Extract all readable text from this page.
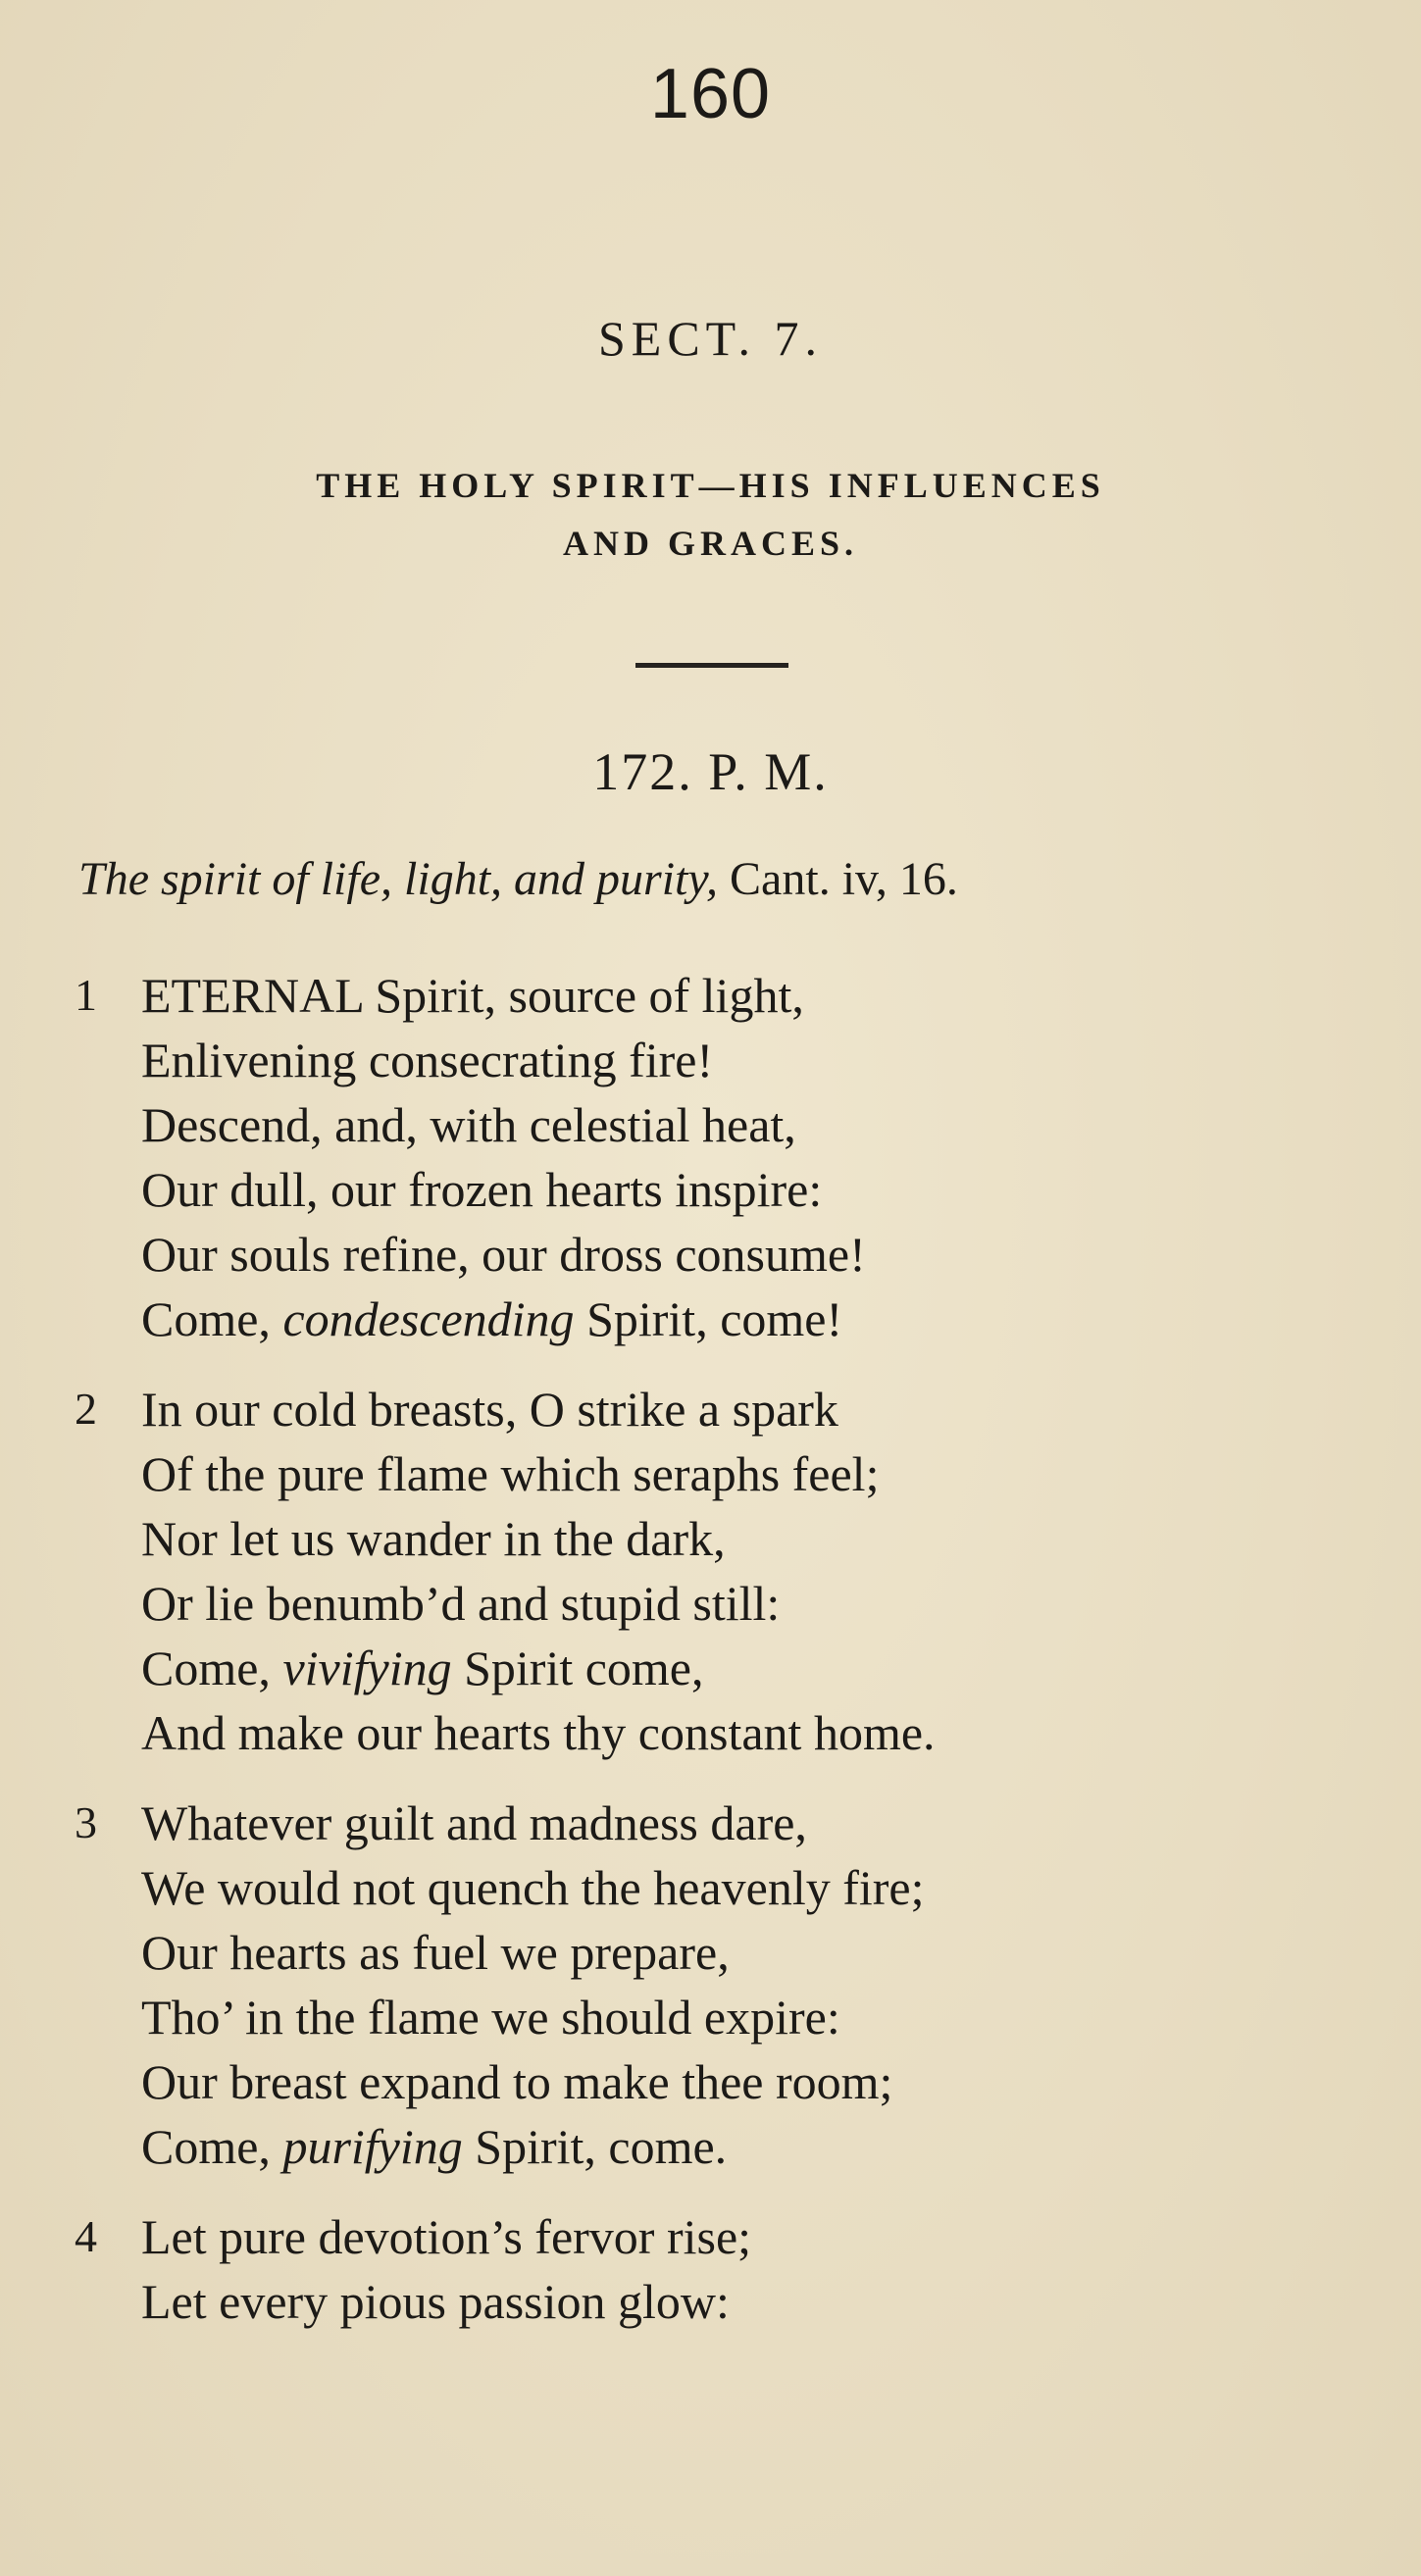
160
SECT. 7.
THE HOLY SPIRIT—HIS INFLUENCES
AND GRACES.
172. P. M.
The spirit of life, light, and purity, Cant. iv, 16.
1 ETERNAL Spirit, source of light,
Enlivening consecrating fire!
Descend, and, with celestial heat,
Our dull, our frozen hearts inspire:
Our souls refine, our dross consume!
Come, condescending Spirit, come!
2 In our cold breasts, O strike a spark
Of the pure flame which seraphs feel;
Nor let us wander in the dark,
Or lie benumb’d and stupid still:
Come, vivifying Spirit come,
And make our hearts thy constant home.
3 Whatever guilt and madness dare,
We would not quench the heavenly fire;
Our hearts as fuel we prepare,
Tho’ in the flame we should expire:
Our breast expand to make thee room;
Come, purifying Spirit, come.
4 Let pure devotion’s fervor rise;
Let every pious passion glow:
